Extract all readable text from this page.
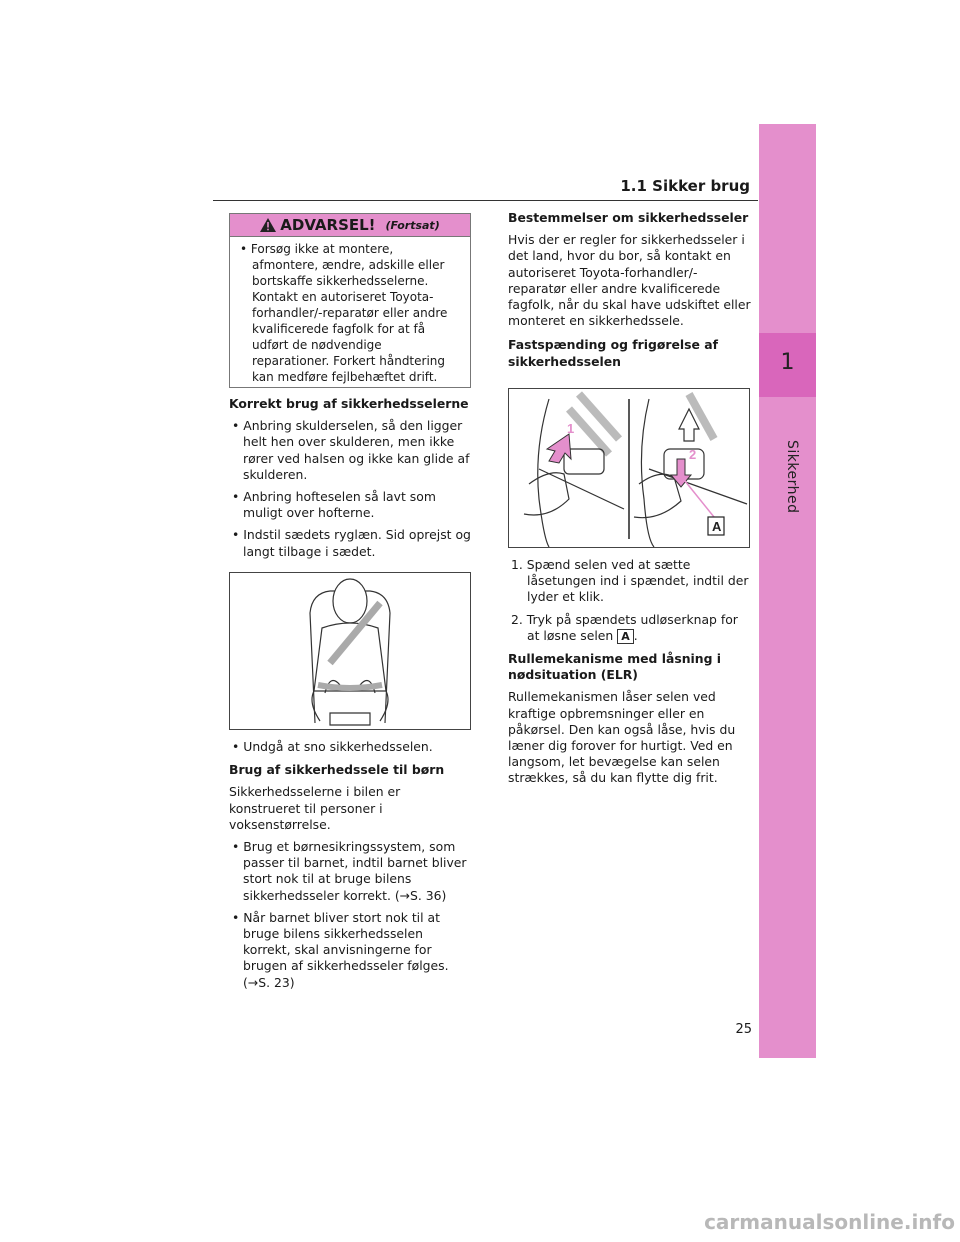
1
Sikkerhed
1.1 Sikker brug
ADVARSEL! (Fortsat)
• Forsøg ikke at montere, afmontere, ændre, adskille eller bortskaffe sikkerhedsselerne. Kontakt en autoriseret Toyota-forhandler/-reparatør eller andre kvalificerede fagfolk for at få udført de nødvendige reparationer. Forkert håndtering kan medføre fejlbehæftet drift.
Korrekt brug af sikkerhedsselerne
• Anbring skulderselen, så den ligger helt hen over skulderen, men ikke rører ved halsen og ikke kan glide af skulderen.
• Anbring hofteselen så lavt som muligt over hofterne.
• Indstil sædets ryglæn. Sid oprejst og langt tilbage i sædet.
• Undgå at sno sikkerhedsselen.
Brug af sikkerhedssele til børn
Sikkerhedsselerne i bilen er konstrueret til personer i voksenstørrelse.
• Brug et børnesikringssystem, som passer til barnet, indtil barnet bliver stort nok til at bruge bilens sikkerhedsseler korrekt. (→S. 36)
• Når barnet bliver stort nok til at bruge bilens sikkerhedsselen korrekt, skal anvisningerne for brugen af sikkerhedsseler følges. (→S. 23)
Bestemmelser om sikkerhedsseler
Hvis der er regler for sikkerhedsseler i det land, hvor du bor, så kontakt en autoriseret Toyota-forhandler/-reparatør eller andre kvalificerede fagfolk, når du skal have udskiftet eller monteret en sikkerhedssele.
Fastspænding og frigørelse af sikkerhedsselen
1
2
A
1. Spænd selen ved at sætte låsetungen ind i spændet, indtil der lyder et klik.
2. Tryk på spændets udløserknap for at løsne selen A .
Rullemekanisme med låsning i nødsituation (ELR)
Rullemekanismen låser selen ved kraftige opbremsninger eller en påkørsel. Den kan også låse, hvis du læner dig forover for hurtigt. Ved en langsom, let bevægelse kan selen strækkes, så du kan flytte dig frit.
25
carmanualsonline.info
